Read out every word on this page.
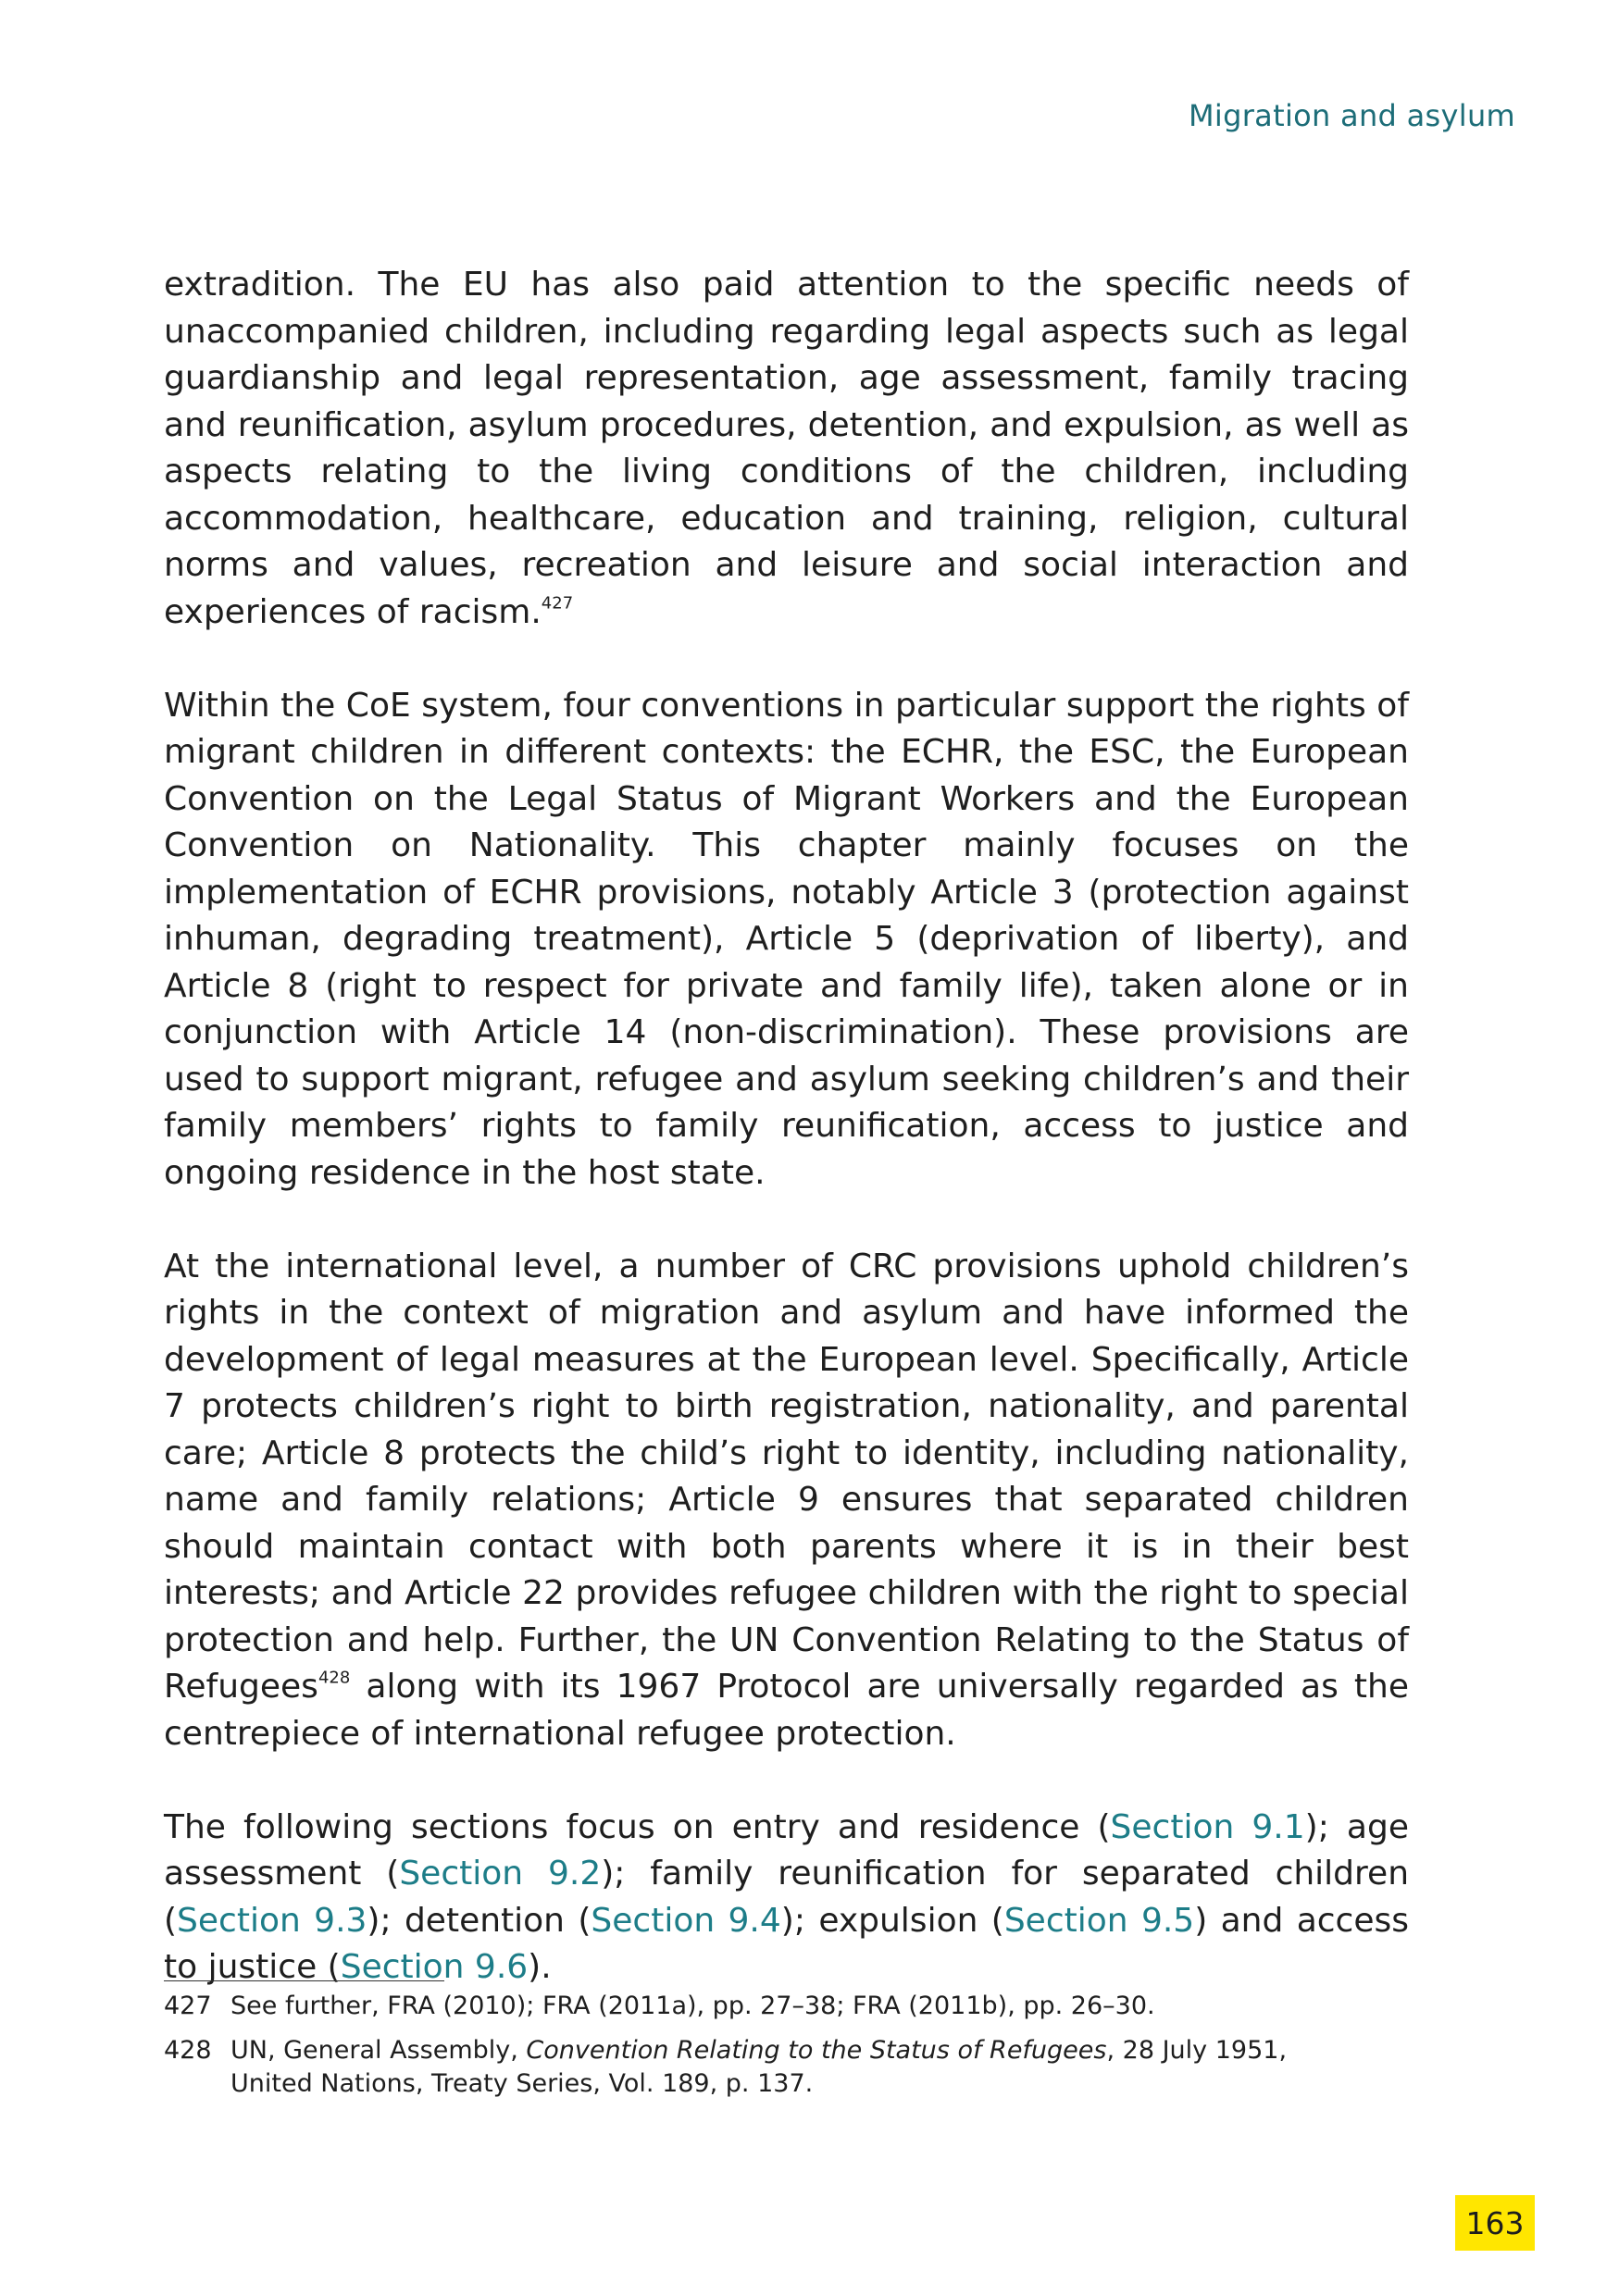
Migration and asylum

extradition. The EU has also paid attention to the specific needs of unaccompanied children, including regarding legal aspects such as legal guardianship and legal representation, age assessment, family tracing and reunification, asylum procedures, detention, and expulsion, as well as aspects relating to the living conditions of the children, including accommodation, healthcare, education and training, religion, cultural norms and values, recreation and leisure and social interaction and experiences of racism.$^{427}$

Within the CoE system, four conventions in particular support the rights of migrant children in different contexts: the ECHR, the ESC, the European Convention on the Legal Status of Migrant Workers and the European Convention on Nationality. This chapter mainly focuses on the implementation of ECHR provisions, notably Article 3 (protection against inhuman, degrading treatment), Article 5 (deprivation of liberty), and Article 8 (right to respect for private and family life), taken alone or in conjunction with Article 14 (non-discrimination). These provisions are used to support migrant, refugee and asylum seeking children’s and their family members’ rights to family reunification, access to justice and ongoing residence in the host state.

At the international level, a number of CRC provisions uphold children’s rights in the context of migration and asylum and have informed the development of legal measures at the European level. Specifically, Article 7 protects children’s right to birth registration, nationality, and parental care; Article 8 protects the child’s right to identity, including nationality, name and family relations; Article 9 ensures that separated children should maintain contact with both parents where it is in their best interests; and Article 22 provides refugee children with the right to special protection and help. Further, the UN Convention Relating to the Status of Refugees$^{428}$ along with its 1967 Protocol are universally regarded as the centrepiece of international refugee protection.

The following sections focus on entry and residence (Section 9.1); age assessment (Section 9.2); family reunification for separated children (Section 9.3); detention (Section 9.4); expulsion (Section 9.5) and access to justice (Section 9.6).

427 See further, FRA (2010); FRA (2011a), pp. 27–38; FRA (2011b), pp. 26–30.
428 UN, General Assembly, Convention Relating to the Status of Refugees, 28 July 1951, United Nations, Treaty Series, Vol. 189, p. 137.
163
